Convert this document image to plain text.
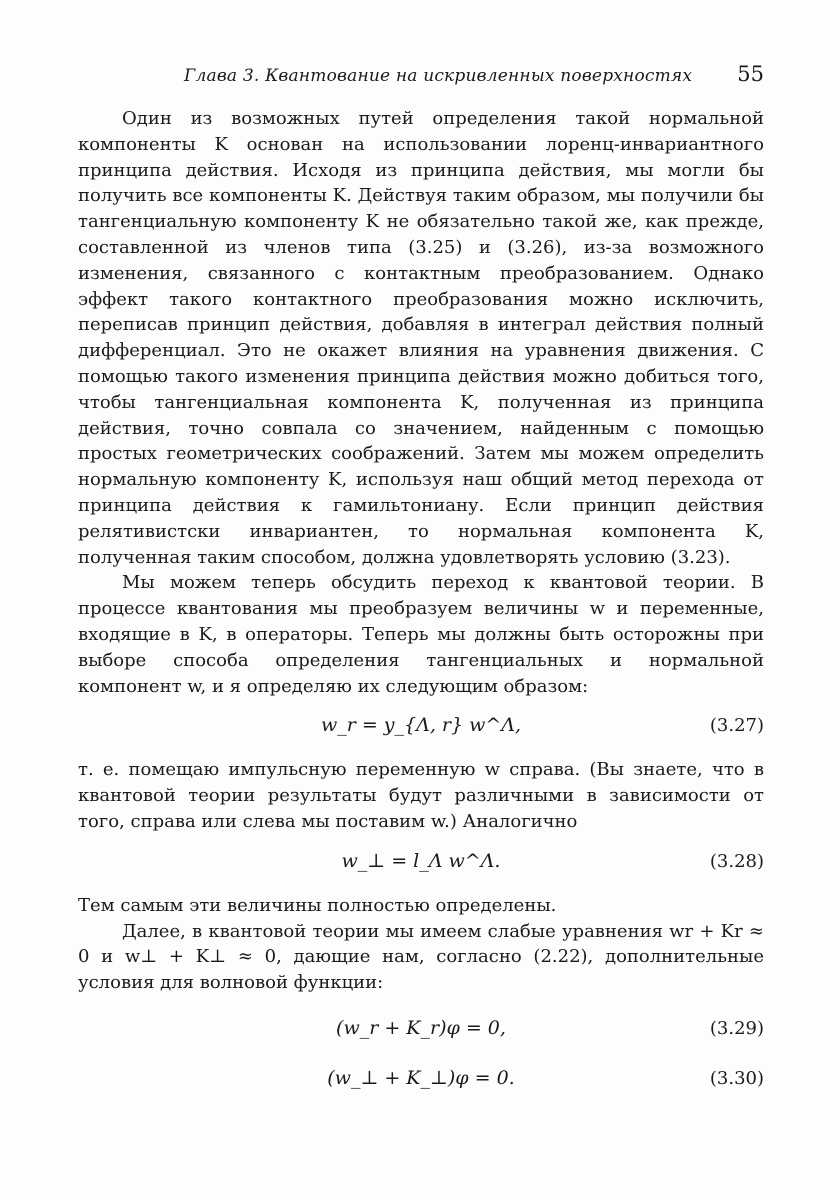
Глава 3. Квантование на искривленных поверхностях 55

Один из возможных путей определения такой нормальной компоненты K основан на использовании лоренц-инвариантного принципа действия. Исходя из принципа действия, мы могли бы получить все компоненты K. Действуя таким образом, мы получили бы тангенциальную компоненту K не обязательно такой же, как прежде, составленной из членов типа (3.25) и (3.26), из-за возможного изменения, связанного с контактным преобразованием. Однако эффект такого контактного преобразования можно исключить, переписав принцип действия, добавляя в интеграл действия полный дифференциал. Это не окажет влияния на уравнения движения. С помощью такого изменения принципа действия можно добиться того, чтобы тангенциальная компонента K, полученная из принципа действия, точно совпала со значением, найденным с помощью простых геометрических соображений. Затем мы можем определить нормальную компоненту K, используя наш общий метод перехода от принципа действия к гамильтониану. Если принцип действия релятивистски инвариантен, то нормальная компонента K, полученная таким способом, должна удовлетворять условию (3.23).

Мы можем теперь обсудить переход к квантовой теории. В процессе квантования мы преобразуем величины w и переменные, входящие в K, в операторы. Теперь мы должны быть осторожны при выборе способа определения тангенциальных и нормальной компонент w, и я определяю их следующим образом:

w_r = y_{Λ, r} w^Λ,	(3.27)

т. е. помещаю импульсную переменную w справа. (Вы знаете, что в квантовой теории результаты будут различными в зависимости от того, справа или слева мы поставим w.) Аналогично

w_⊥ = l_Λ w^Λ.	(3.28)

Тем самым эти величины полностью определены.

Далее, в квантовой теории мы имеем слабые уравнения wr + Kr ≈ 0 и w⊥ + K⊥ ≈ 0, дающие нам, согласно (2.22), дополнительные условия для волновой функции:

(w_r + K_r)φ = 0,	(3.29)
(w_⊥ + K_⊥)φ = 0.	(3.30)
